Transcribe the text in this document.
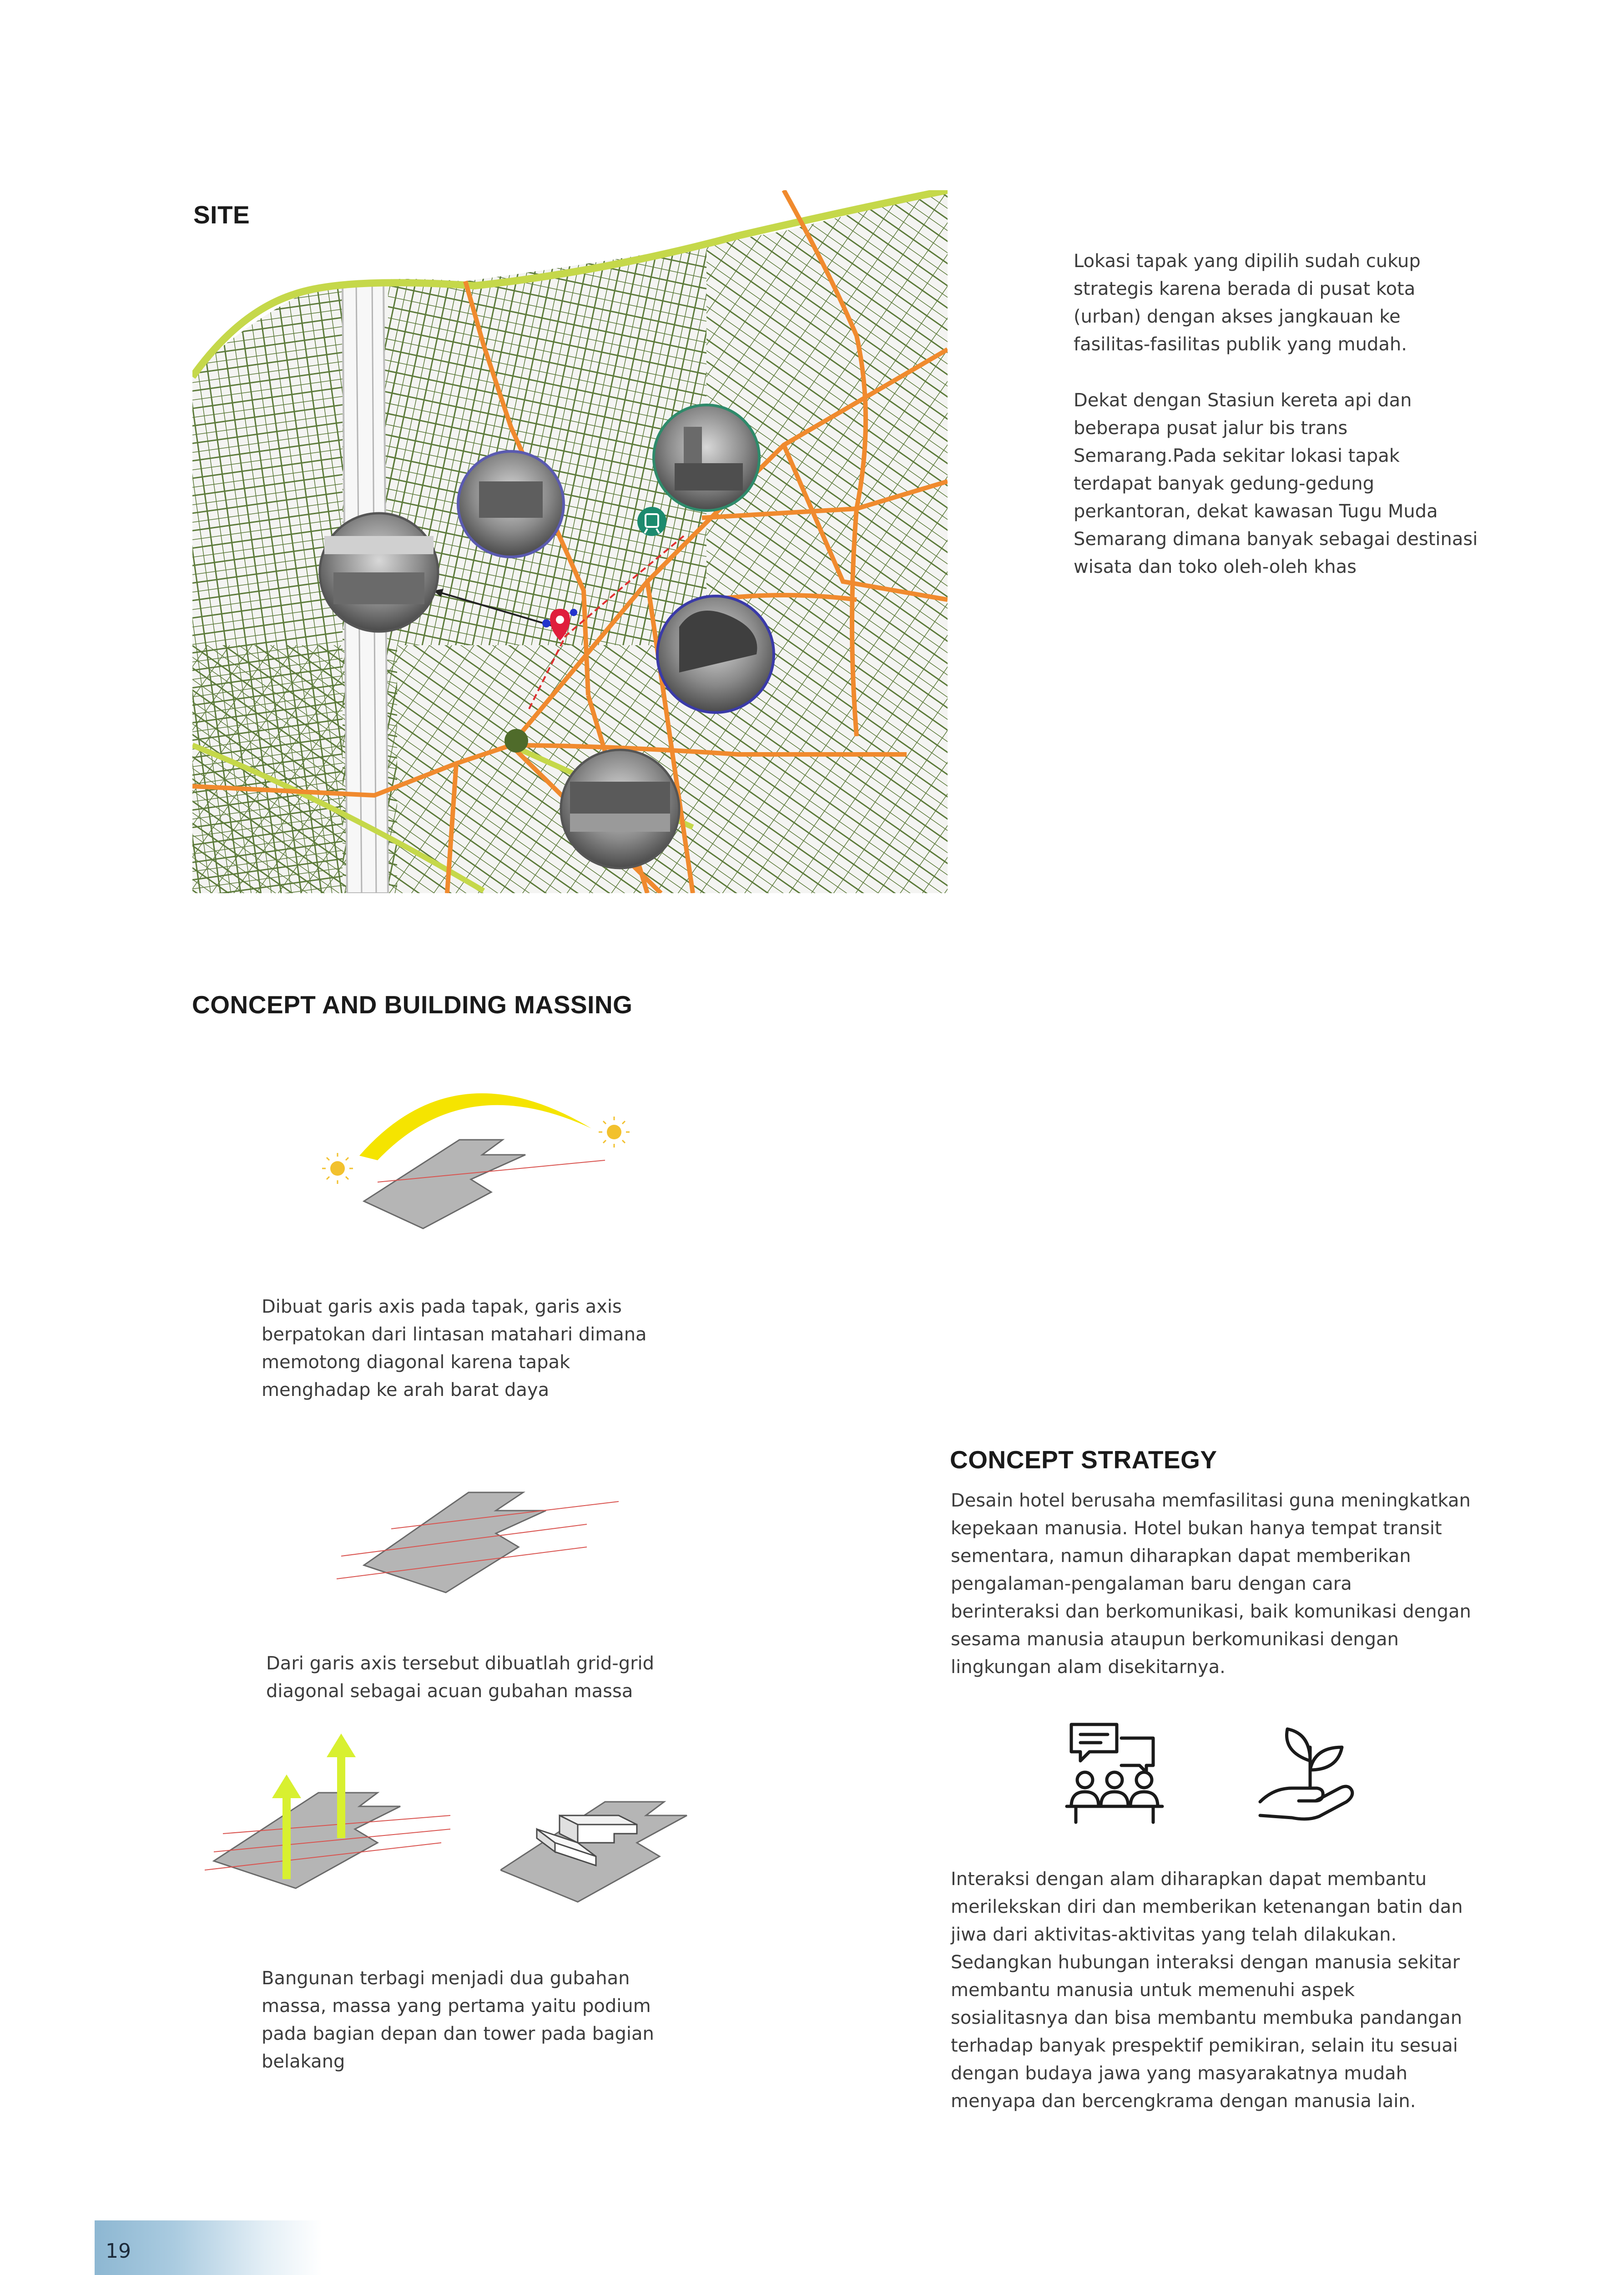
SITE

Lokasi tapak yang dipilih sudah cukup
strategis karena berada di pusat kota
(urban) dengan akses jangkauan ke
fasilitas-fasilitas publik yang mudah.

Dekat dengan Stasiun kereta api dan
beberapa pusat jalur bis trans
Semarang.Pada sekitar lokasi tapak
terdapat banyak gedung-gedung
perkantoran, dekat kawasan Tugu Muda
Semarang dimana banyak sebagai destinasi
wisata dan toko oleh-oleh khas

CONCEPT AND BUILDING MASSING

Dibuat garis axis pada tapak, garis axis
berpatokan dari lintasan matahari dimana
memotong diagonal karena tapak
menghadap ke arah barat daya

Dari garis axis tersebut dibuatlah grid-grid
diagonal sebagai acuan gubahan massa

Bangunan terbagi menjadi dua gubahan
massa, massa yang pertama yaitu podium
pada bagian depan dan tower pada bagian
belakang

CONCEPT STRATEGY

Desain hotel berusaha memfasilitasi guna meningkatkan
kepekaan manusia. Hotel bukan hanya tempat transit
sementara, namun diharapkan dapat memberikan
pengalaman-pengalaman baru dengan cara
berinteraksi dan berkomunikasi, baik komunikasi dengan
sesama manusia ataupun berkomunikasi dengan
lingkungan alam disekitarnya.

Interaksi dengan alam diharapkan dapat membantu
merilekskan diri dan memberikan ketenangan batin dan
jiwa dari aktivitas-aktivitas yang telah dilakukan.
Sedangkan hubungan interaksi dengan manusia sekitar
membantu manusia untuk memenuhi aspek
sosialitasnya dan bisa membantu membuka pandangan
terhadap banyak prespektif pemikiran, selain itu sesuai
dengan budaya jawa yang masyarakatnya mudah
menyapa dan bercengkrama dengan manusia lain.

19
